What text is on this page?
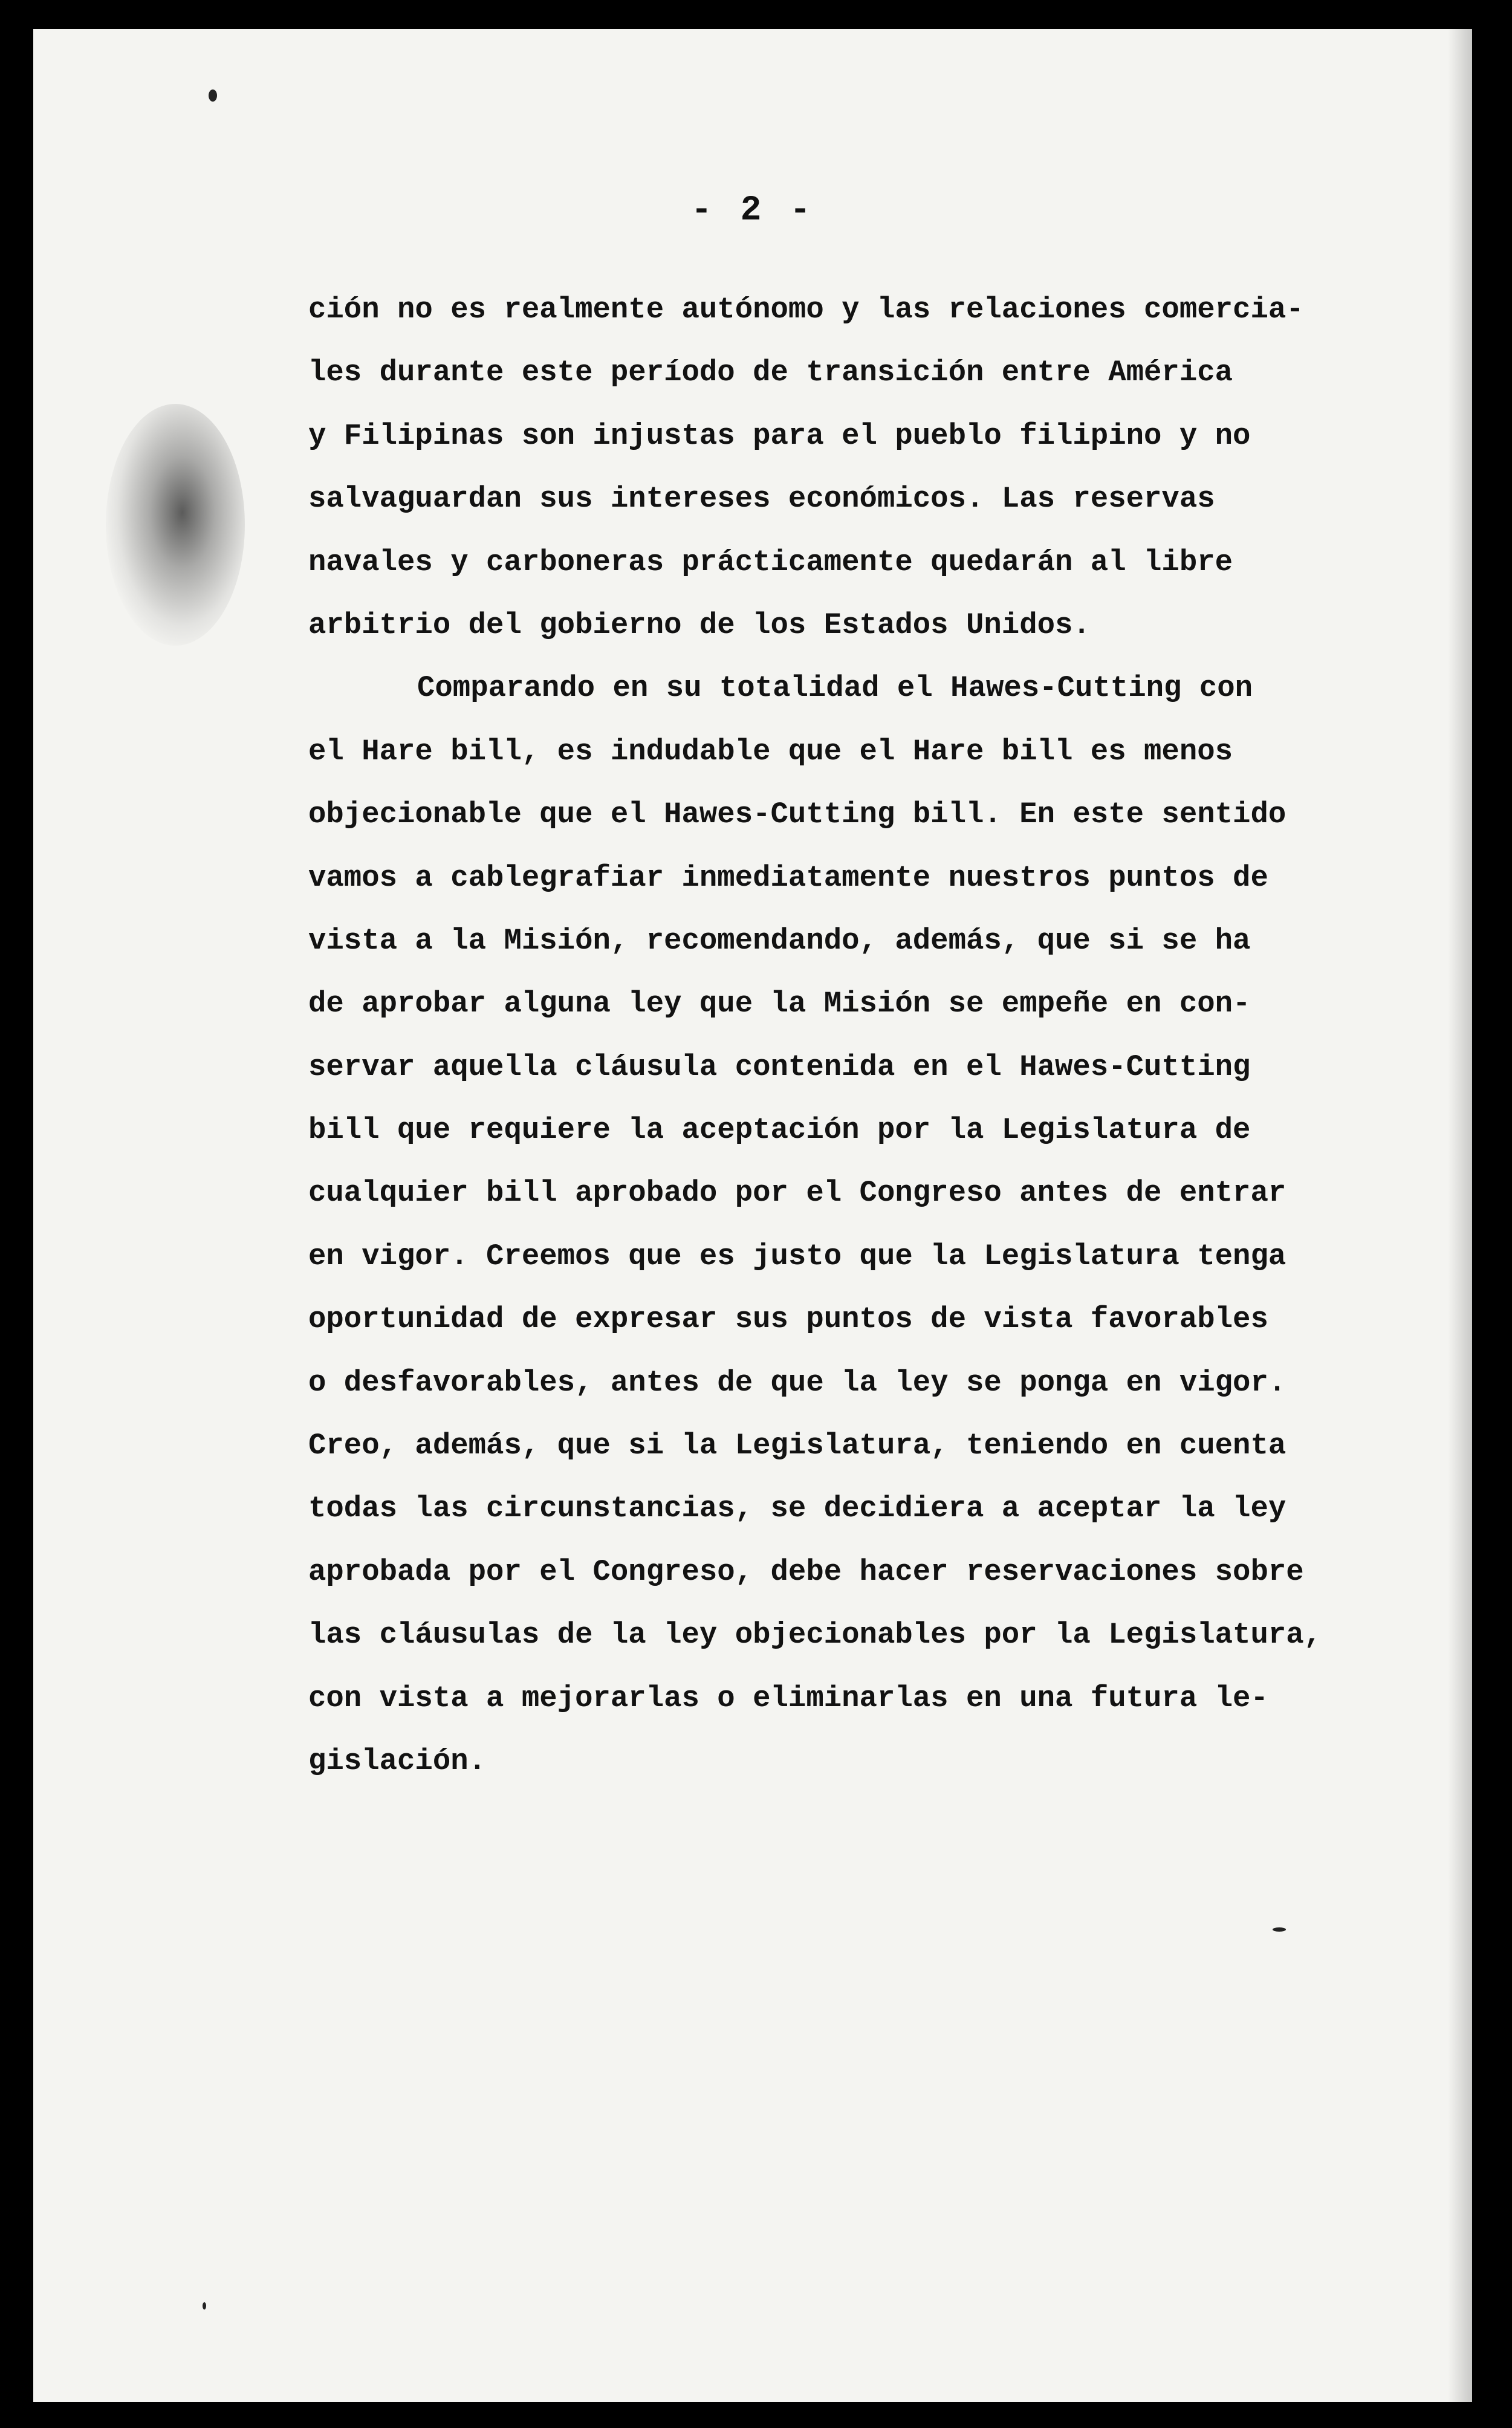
- 2 -
ción no es realmente autónomo y las relaciones comercia-
les durante este período de transición entre América
y Filipinas son injustas para el pueblo filipino y no
salvaguardan sus intereses económicos. Las reservas
navales y carboneras prácticamente quedarán al libre
arbitrio del gobierno de los Estados Unidos.
Comparando en su totalidad el Hawes-Cutting con
el Hare bill, es indudable que el Hare bill es menos
objecionable que el Hawes-Cutting bill. En este sentido
vamos a cablegrafiar inmediatamente nuestros puntos de
vista a la Misión, recomendando, además, que si se ha
de aprobar alguna ley que la Misión se empeñe en con-
servar aquella cláusula contenida en el Hawes-Cutting
bill que requiere la aceptación por la Legislatura de
cualquier bill aprobado por el Congreso antes de entrar
en vigor. Creemos que es justo que la Legislatura tenga
oportunidad de expresar sus puntos de vista favorables
o desfavorables, antes de que la ley se ponga en vigor.
Creo, además, que si la Legislatura, teniendo en cuenta
todas las circunstancias, se decidiera a aceptar la ley
aprobada por el Congreso, debe hacer reservaciones sobre
las cláusulas de la ley objecionables por la Legislatura,
con vista a mejorarlas o eliminarlas en una futura le-
gislación.
